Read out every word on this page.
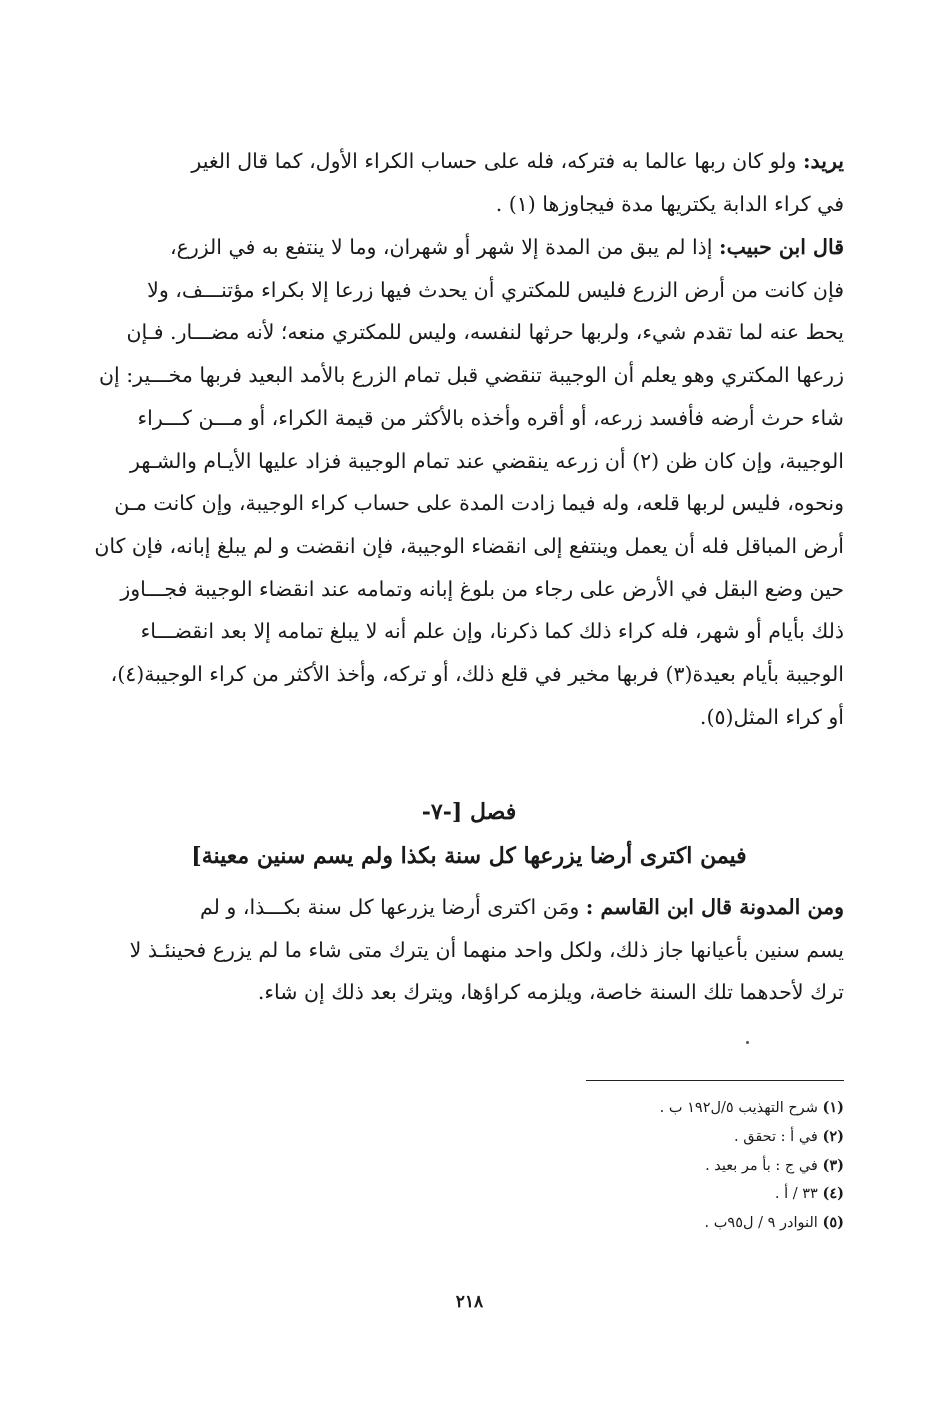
يريد: ولو كان ربها عالما به فتركه، فله على حساب الكراء الأول، كما قال الغير
في كراء الدابة يكتريها مدة فيجاوزها (١) .
قال ابن حبيب: إذا لم يبق من المدة إلا شهر أو شهران، وما لا ينتفع به في الزرع،
فإن كانت من أرض الزرع فليس للمكتري أن يحدث فيها زرعا إلا بكراء مؤتنـــف، ولا
يحط عنه لما تقدم شيء، ولربها حرثها لنفسه، وليس للمكتري منعه؛ لأنه مضـــار. فـإن
زرعها المكتري وهو يعلم أن الوجيبة تنقضي قبل تمام الزرع بالأمد البعيد فربها مخـــير: إن
شاء حرث أرضه فأفسد زرعه، أو أقره وأخذه بالأكثر من قيمة الكراء، أو مـــن كـــراء
الوجيبة، وإن كان ظن (٢) أن زرعه ينقضي عند تمام الوجيبة فزاد عليها الأيـام والشـهر
ونحوه، فليس لربها قلعه، وله فيما زادت المدة على حساب كراء الوجيبة، وإن كانت مـن
أرض المباقل فله أن يعمل وينتفع إلى انقضاء الوجيبة، فإن انقضت و لم يبلغ إبانه، فإن كان
حين وضع البقل في الأرض على رجاء من بلوغ إبانه وتمامه عند انقضاء الوجيبة فجـــاوز
ذلك بأيام أو شهر، فله كراء ذلك كما ذكرنا، وإن علم أنه لا يبلغ تمامه إلا بعد انقضـــاء
الوجيبة بأيام بعيدة(٣) فربها مخير في قلع ذلك، أو تركه، وأخذ الأكثر من كراء الوجيبة(٤)،
أو كراء المثل(٥).
فصل [-٧-
فيمن اكترى أرضا يزرعها كل سنة بكذا ولم يسم سنين معينة]
ومن المدونة قال ابن القاسم : ومَن اكترى أرضا يزرعها كل سنة بكـــذا، و لم
يسم سنين بأعيانها جاز ذلك، ولكل واحد منهما أن يترك متى شاء ما لم يزرع فحينئـذ لا
ترك لأحدهما تلك السنة خاصة، ويلزمه كراؤها، ويترك بعد ذلك إن شاء.
(١) شرح التهذيب ٥/ل١٩٢ ب .
(٢) في أ : تحقق .
(٣) في ج : بأ مر بعيد .
(٤) ٣٣ / أ .
(٥) النوادر ٩ / ل٩٥ب .
٢١٨
